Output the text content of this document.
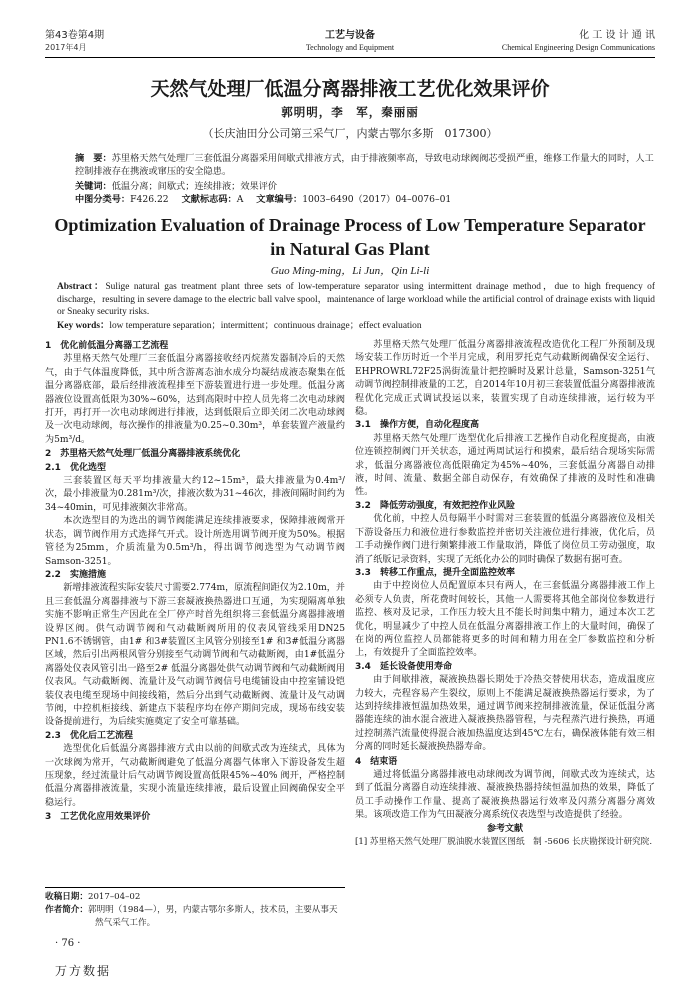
第43卷第4期
2017年4月
工艺与设备
Technology and Equipment
化 工 设 计 通 讯
Chemical Engineering Design Communications
天然气处理厂低温分离器排液工艺优化效果评价
郭明明，李　军，秦丽丽
（长庆油田分公司第三采气厂，内蒙古鄂尔多斯　017300）
摘　要：苏里格天然气处理厂三套低温分离器采用间歇式排液方式，由于排液频率高，导致电动球阀阀芯受损严重，维修工作量大的同时，人工控制排液存在携液或窜压的安全隐患。
关键词：低温分离；间歇式；连续排液；效果评价
中图分类号：F426.22 文献标志码：A 文章编号：1003–6490（2017）04–0076–01
Optimization Evaluation of Drainage Process of Low Temperature Separator in Natural Gas Plant
Guo Ming-ming，Li Jun，Qin Li-li
Abstract：Sulige natural gas treatment plant three sets of low-temperature separator using intermittent drainage method，due to high frequency of discharge，resulting in severe damage to the electric ball valve spool，maintenance of large workload while the artificial control of drainage exists with liquid or Sneaky security risks.
Key words：low temperature separation；intermittent；continuous drainage；effect evaluation
1　优化前低温分离器工艺流程

苏里格天然气处理厂三套低温分离器接收经丙烷蒸发器制冷后的天然气，由于气体温度降低，其中所含游离态油水成分均凝结成液态聚集在低温分离器底部，最后经排液流程排至下游装置进行进一步处理。低温分离器液位设置高低限为30%~60%，达到高限时中控人员先将二次电动球阀打开，再打开一次电动球阀进行排液，达到低限后立即关闭二次电动球阀及一次电动球阀，每次操作的排液量为0.25~0.30m³，单套装置产液量约为5m³/d。

2　苏里格天然气处理厂低温分离器排液系统优化
2.1　优化选型

三套装置区每天平均排液量大约12~15m³，最大排液量为0.4m³/次，最小排液量为0.281m³/次，排液次数为31~46次，排液间隔时间约为34~40min，可见排液频次非常高。

本次选型目的为选出的调节阀能满足连续排液要求，保障排液阀常开状态，调节阀作用方式选择气开式。设计所选用调节阀开度为50%。根据管径为25mm，介质流量为0.5m³/h，得出调节阀选型为气动调节阀Samson-3251。

2.2　实施措施

新增排液流程实际安装尺寸需要2.774m，原流程间距仅为2.10m，并且三套低温分离器排液与下游三套凝液换热器进口互通，为实现隔离单独实施不影响正常生产因此在全厂停产时首先组织将三套低温分离器排液增设界区阀。供气动调节阀和气动截断阀所用的仪表风管线采用DN25 PN1.6不锈钢管，由1# 和3#装置区主风管分别接至1# 和3#低温分离器区域，然后引出两根风管分别接至气动调节阀和气动截断阀，由1#低温分离器处仪表风管引出一路至2# 低温分离器处供气动调节阀和气动截断阀用仪表风。气动截断阀、流量计及气动调节阀信号电缆铺设由中控室铺设铠装仪表电缆至现场中间接线箱，然后分出到气动截断阀、流量计及气动调节阀，中控机柜接线、新建点下装程序均在停产期间完成，现场布线安装设备提前进行，为后续实施奠定了安全可靠基础。

2.3　优化后工艺流程

选型优化后低温分离器排液方式由以前的间歇式改为连续式，具体为一次球阀为常开，气动截断阀避免了低温分离器气体窜入下游设备发生超压现象，经过流量计后气动调节阀设置高低限45%~40% 阀开，严格控制低温分离器排液流量，实现小流量连续排液，最后设置止回阀确保安全平稳运行。

3　工艺优化应用效果评价
收稿日期：2017–04–02
作者简介：郭明明（1984—），男，内蒙古鄂尔多斯人，技术员，主要从事天然气采气工作。

苏里格天然气处理厂低温分离器排液流程改造优化工程厂外预制及现场安装工作历时近一个半月完成，利用罗托克气动截断阀确保安全运行、EHPROWRL72F25涡街流量计把控瞬时及累计总量，Samson-3251气动调节阀控制排液量的工艺，自2014年10月初三套装置低温分离器排液流程优化完成正式调试投运以来，装置实现了自动连续排液，运行较为平稳。

3.1　操作方便，自动化程度高

苏里格天然气处理厂选型优化后排液工艺操作自动化程度提高，由液位连锁控制阀门开关状态，通过两周试运行和摸索，最后结合现场实际需求，低温分离器液位高低限确定为45%~40%，三套低温分离器自动排液，时间、流量、数据全部自动保存，有效确保了排液的及时性和准确性。

3.2　降低劳动强度，有效把控作业风险

优化前，中控人员每隔半小时需对三套装置的低温分离器液位及相关下游设备压力和液位进行参数监控并密切关注液位进行排液，优化后，员工手动操作阀门进行频繁排液工作量取消，降低了岗位员工劳动强度，取消了纸版记录资料，实现了无纸化办公的同时确保了数据有据可查。

3.3　转移工作重点，提升全面监控效率

由于中控岗位人员配置原本只有两人，在三套低温分离器排液工作上必须专人负责，所花费时间较长，其他一人需要将其他全部岗位参数进行监控、核对及记录，工作压力较大且不能长时间集中精力，通过本次工艺优化，明显减少了中控人员在低温分离器排液工作上的大量时间，确保了在岗的两位监控人员都能将更多的时间和精力用在全厂参数监控和分析上，有效提升了全面监控效率。

3.4　延长设备使用寿命

由于间歇排液，凝液换热器长期处于冷热交替使用状态，造成温度应力较大，壳程容易产生裂纹，原则上不能满足凝液换热器运行要求，为了达到持续排液恒温加热效果，通过调节阀来控制排液流量，保证低温分离器能连续的油水混合液进入凝液换热器管程，与壳程蒸汽进行换热，再通过控制蒸汽流量使得混合液加热温度达到45℃左右，确保液体能有效三相分离的同时延长凝液换热器寿命。

4　结束语

通过将低温分离器排液电动球阀改为调节阀，间歇式改为连续式，达到了低温分离器自动连续排液、凝液换热器持续恒温加热的效果，降低了员工手动操作工作量、提高了凝液换热器运行效率及闪蒸分离器分离效果。该项改造工作为气田凝液分离系统仪表选型与改造提供了经验。

参考文献

[1] 苏里格天然气处理厂脱油脱水装置区图纸　制 -5606 长庆勘探设计研究院.

· 76 ·
万方数据
